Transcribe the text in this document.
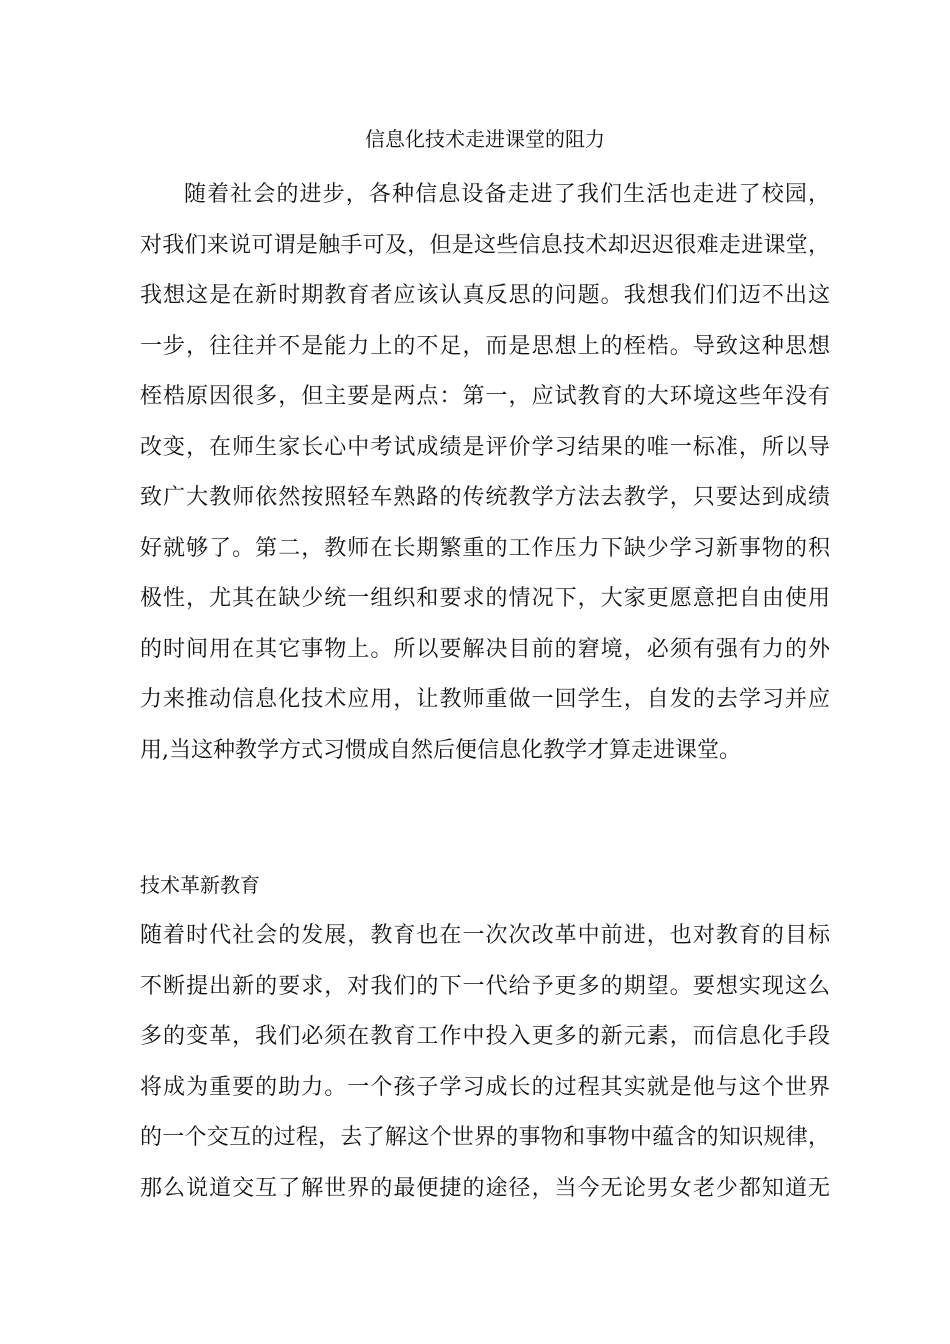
信息化技术走进课堂的阻力
随着社会的进步，各种信息设备走进了我们生活也走进了校园，
对我们来说可谓是触手可及，但是这些信息技术却迟迟很难走进课堂，
我想这是在新时期教育者应该认真反思的问题。我想我们们迈不出这
一步，往往并不是能力上的不足，而是思想上的桎梏。导致这种思想
桎梏原因很多，但主要是两点：第一，应试教育的大环境这些年没有
改变，在师生家长心中考试成绩是评价学习结果的唯一标准，所以导
致广大教师依然按照轻车熟路的传统教学方法去教学，只要达到成绩
好就够了。第二，教师在长期繁重的工作压力下缺少学习新事物的积
极性，尤其在缺少统一组织和要求的情况下，大家更愿意把自由使用
的时间用在其它事物上。所以要解决目前的窘境，必须有强有力的外
力来推动信息化技术应用，让教师重做一回学生，自发的去学习并应
用,当这种教学方式习惯成自然后便信息化教学才算走进课堂。
技术革新教育
随着时代社会的发展，教育也在一次次改革中前进，也对教育的目标
不断提出新的要求，对我们的下一代给予更多的期望。要想实现这么
多的变革，我们必须在教育工作中投入更多的新元素，而信息化手段
将成为重要的助力。一个孩子学习成长的过程其实就是他与这个世界
的一个交互的过程，去了解这个世界的事物和事物中蕴含的知识规律，
那么说道交互了解世界的最便捷的途径，当今无论男女老少都知道无
